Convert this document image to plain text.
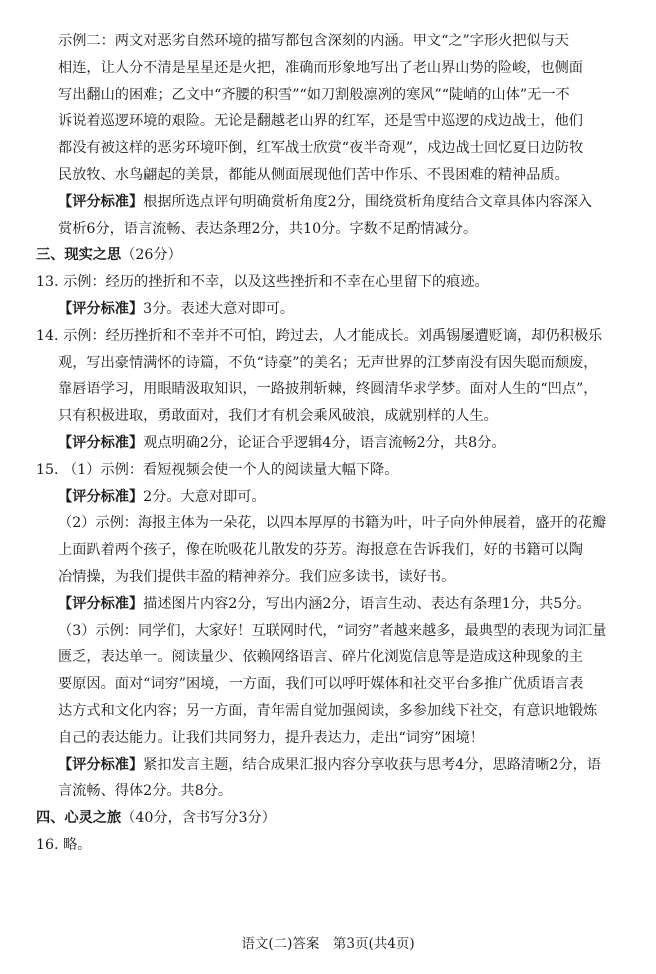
示例二：两文对恶劣自然环境的描写都包含深刻的内涵。甲文“之”字形火把似与天
相连，让人分不清是星星还是火把，准确而形象地写出了老山界山势的险峻，也侧面
写出翻山的困难；乙文中“齐腰的积雪”“如刀割般凛冽的寒风”“陡峭的山体”无一不
诉说着巡逻环境的艰险。无论是翻越老山界的红军，还是雪中巡逻的戍边战士，他们
都没有被这样的恶劣环境吓倒，红军战士欣赏“夜半奇观”，戍边战士回忆夏日边防牧
民放牧、水鸟翩起的美景，都能从侧面展现他们苦中作乐、不畏困难的精神品质。
【评分标准】根据所选点评句明确赏析角度2分，围绕赏析角度结合文章具体内容深入
赏析6分，语言流畅、表达条理2分，共10分。字数不足酌情减分。
三、现实之思（26分）
13. 示例：经历的挫折和不幸，以及这些挫折和不幸在心里留下的痕迹。
【评分标准】3分。表述大意对即可。
14. 示例：经历挫折和不幸并不可怕，跨过去，人才能成长。刘禹锡屡遭贬谪，却仍积极乐
观，写出豪情满怀的诗篇，不负“诗豪”的美名；无声世界的江梦南没有因失聪而颓废，
靠唇语学习，用眼睛汲取知识，一路披荆斩棘，终圆清华求学梦。面对人生的“凹点”，
只有积极进取，勇敢面对，我们才有机会乘风破浪，成就别样的人生。
【评分标准】观点明确2分，论证合乎逻辑4分，语言流畅2分，共8分。
15. （1）示例：看短视频会使一个人的阅读量大幅下降。
【评分标准】2分。大意对即可。
（2）示例：海报主体为一朵花，以四本厚厚的书籍为叶，叶子向外伸展着，盛开的花瓣
上面趴着两个孩子，像在吮吸花儿散发的芬芳。海报意在告诉我们，好的书籍可以陶
冶情操，为我们提供丰盈的精神养分。我们应多读书，读好书。
【评分标准】描述图片内容2分，写出内涵2分，语言生动、表达有条理1分，共5分。
（3）示例：同学们，大家好！互联网时代，“词穷”者越来越多，最典型的表现为词汇量
匮乏，表达单一。阅读量少、依赖网络语言、碎片化浏览信息等是造成这种现象的主
要原因。面对“词穷”困境，一方面，我们可以呼吁媒体和社交平台多推广优质语言表
达方式和文化内容；另一方面，青年需自觉加强阅读，多参加线下社交，有意识地锻炼
自己的表达能力。让我们共同努力，提升表达力，走出“词穷”困境！
【评分标准】紧扣发言主题，结合成果汇报内容分享收获与思考4分，思路清晰2分，语
言流畅、得体2分。共8分。
四、心灵之旅（40分，含书写分3分）
16. 略。
语文(二)答案　第3页(共4页)
